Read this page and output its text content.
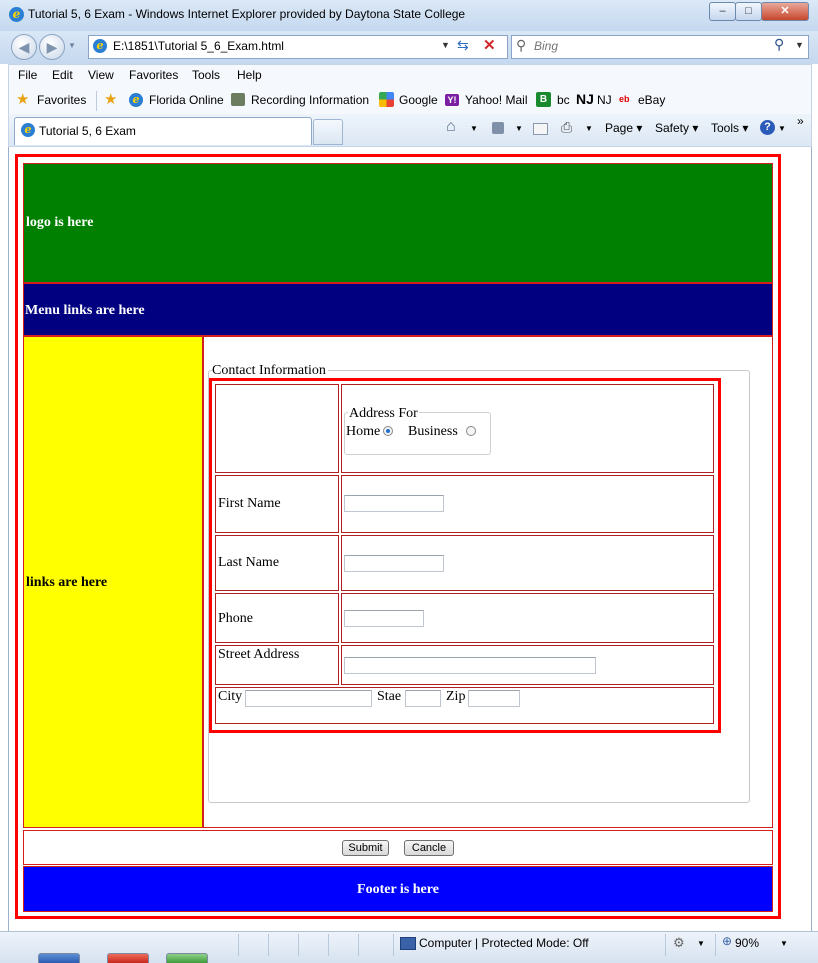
e Tutorial 5, 6 Exam - Windows Internet Explorer provided by Daytona State College	–	□	✕
◀	▶	▼	e
E:\1851\Tutorial 5_6_Exam.html	▼ ⇆ ✕ ⚲
Bing	⚲ ▼
File Edit View Favorites Tools Help
★ Favorites ★	e Florida Online Recording Information Google Y! Yahoo! Mail	B bc NJ NJ eb eBay
e Tutorial 5, 6 Exam	⌂ ▼	▼	⎙ ▼ Page ▾ Safety ▾ Tools ▾	? ▼
»
logo is here
Menu links are here
links are here
Contact Information
Address For
Home Business
First Name
Last Name
Phone
Street Address
City	Stae	Zip
Submit	Cancle
Footer is here
Computer | Protected Mode: Off	⚙ ▼ ⊕ 90%	▼
